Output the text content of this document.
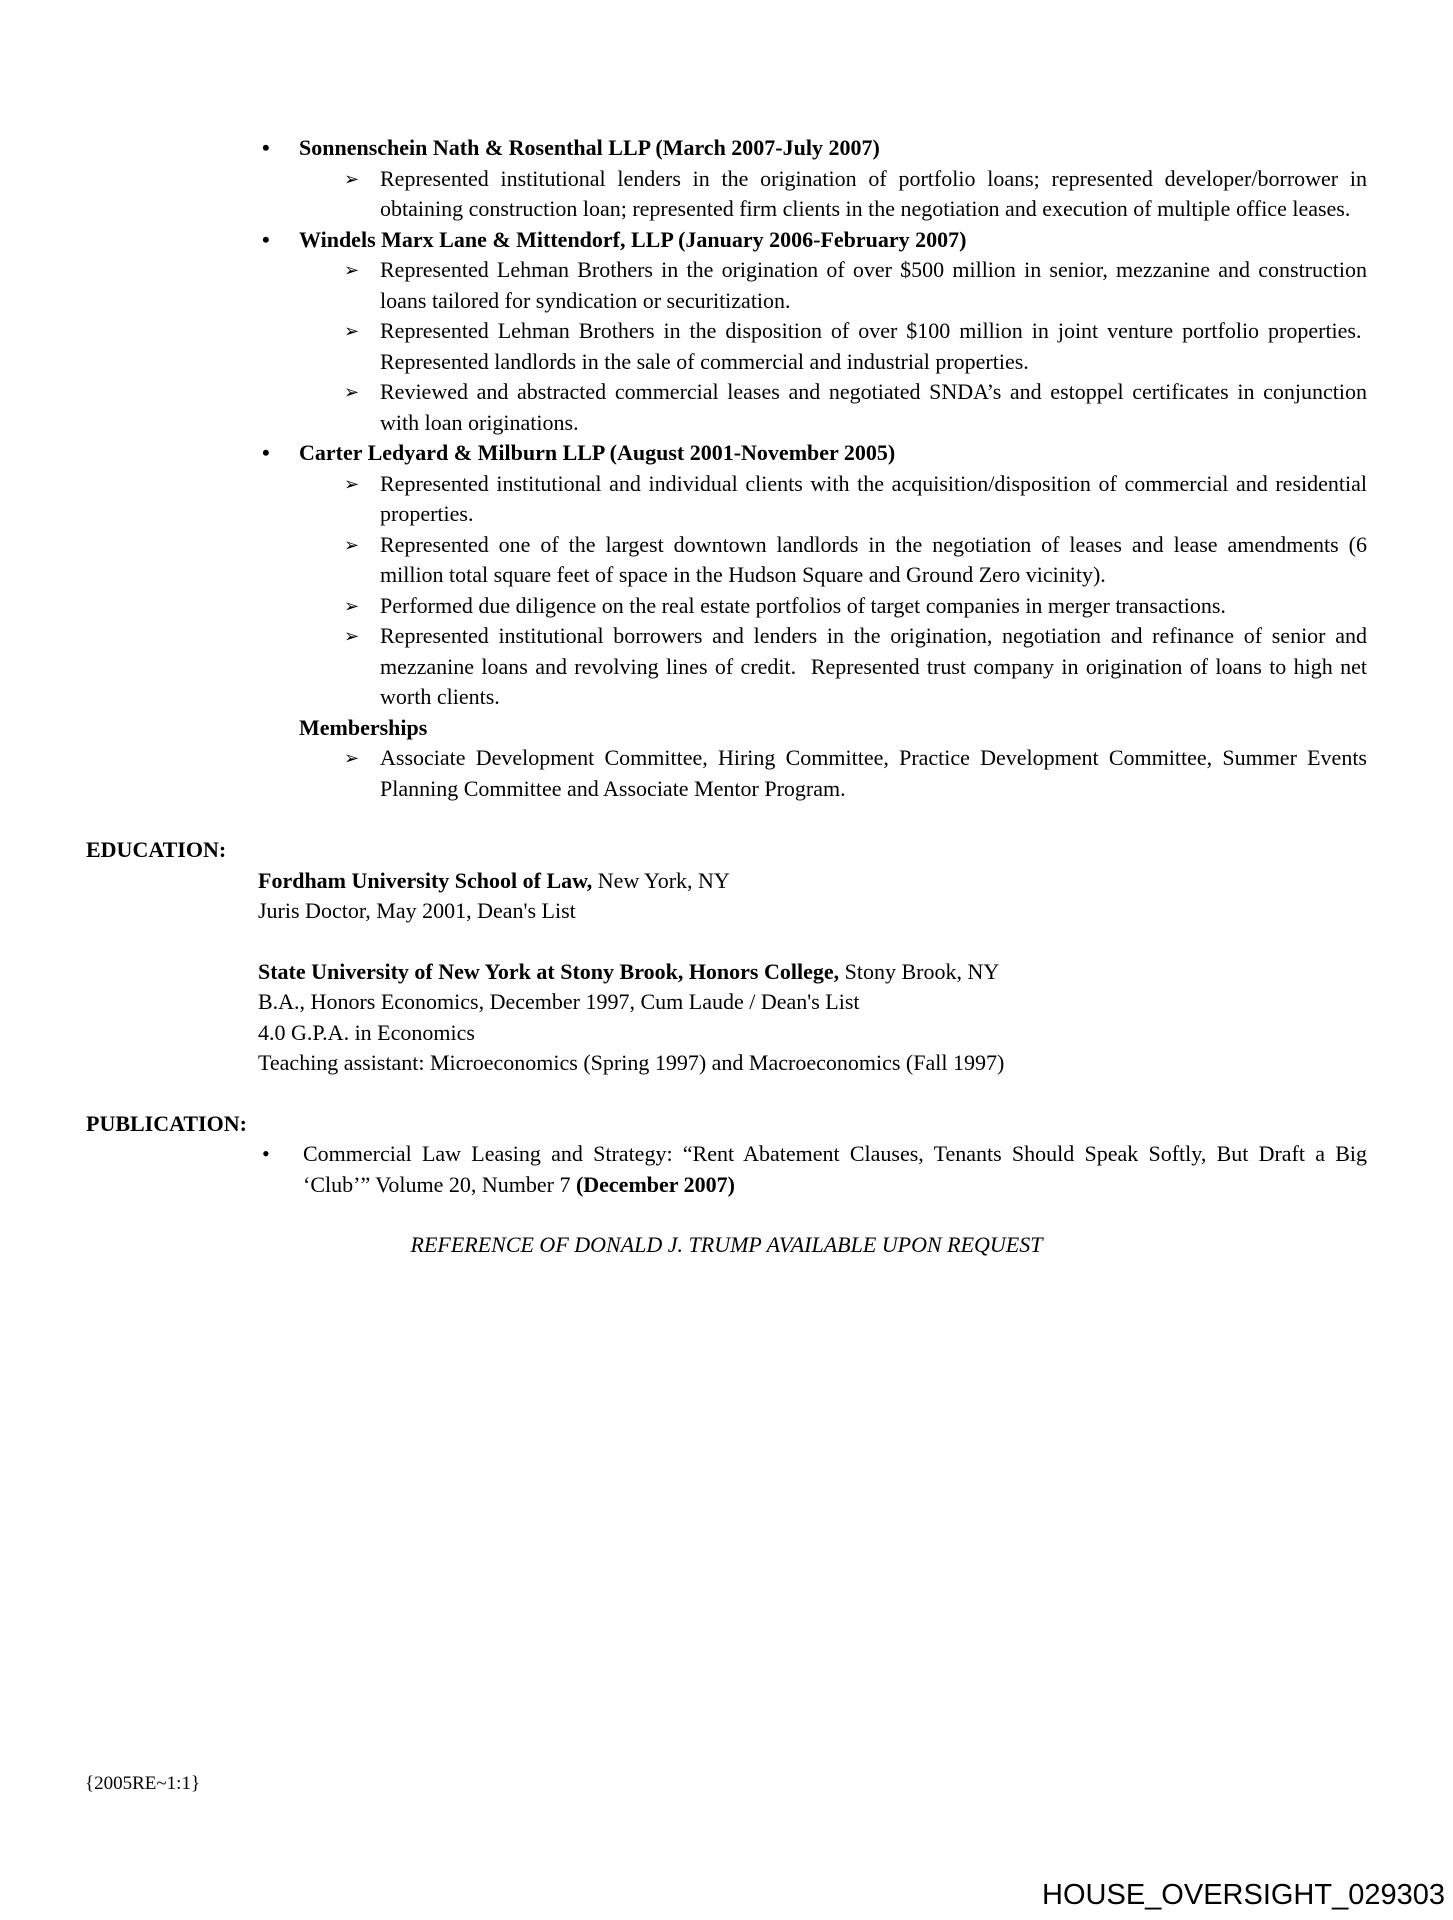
• Sonnenschein Nath & Rosenthal LLP (March 2007-July 2007)
➢ Represented institutional lenders in the origination of portfolio loans; represented developer/borrower in obtaining construction loan; represented firm clients in the negotiation and execution of multiple office leases.
• Windels Marx Lane & Mittendorf, LLP (January 2006-February 2007)
➢ Represented Lehman Brothers in the origination of over $500 million in senior, mezzanine and construction loans tailored for syndication or securitization.
➢ Represented Lehman Brothers in the disposition of over $100 million in joint venture portfolio properties.  Represented landlords in the sale of commercial and industrial properties.
➢ Reviewed and abstracted commercial leases and negotiated SNDA’s and estoppel certificates in conjunction with loan originations.
• Carter Ledyard & Milburn LLP (August 2001-November 2005)
➢ Represented institutional and individual clients with the acquisition/disposition of commercial and residential properties.
➢ Represented one of the largest downtown landlords in the negotiation of leases and lease amendments (6 million total square feet of space in the Hudson Square and Ground Zero vicinity).
➢ Performed due diligence on the real estate portfolios of target companies in merger transactions.
➢ Represented institutional borrowers and lenders in the origination, negotiation and refinance of senior and mezzanine loans and revolving lines of credit.  Represented trust company in origination of loans to high net worth clients.
Memberships
➢ Associate Development Committee, Hiring Committee, Practice Development Committee, Summer Events Planning Committee and Associate Mentor Program.
EDUCATION:
Fordham University School of Law, New York, NY
Juris Doctor, May 2001, Dean's List
State University of New York at Stony Brook, Honors College, Stony Brook, NY
B.A., Honors Economics, December 1997, Cum Laude / Dean's List
4.0 G.P.A. in Economics
Teaching assistant: Microeconomics (Spring 1997) and Macroeconomics (Fall 1997)
PUBLICATION:
• Commercial Law Leasing and Strategy: “Rent Abatement Clauses, Tenants Should Speak Softly, But Draft a Big ‘Club’” Volume 20, Number 7 (December 2007)
REFERENCE OF DONALD J. TRUMP AVAILABLE UPON REQUEST
{2005RE~1:1}
HOUSE_OVERSIGHT_029303
